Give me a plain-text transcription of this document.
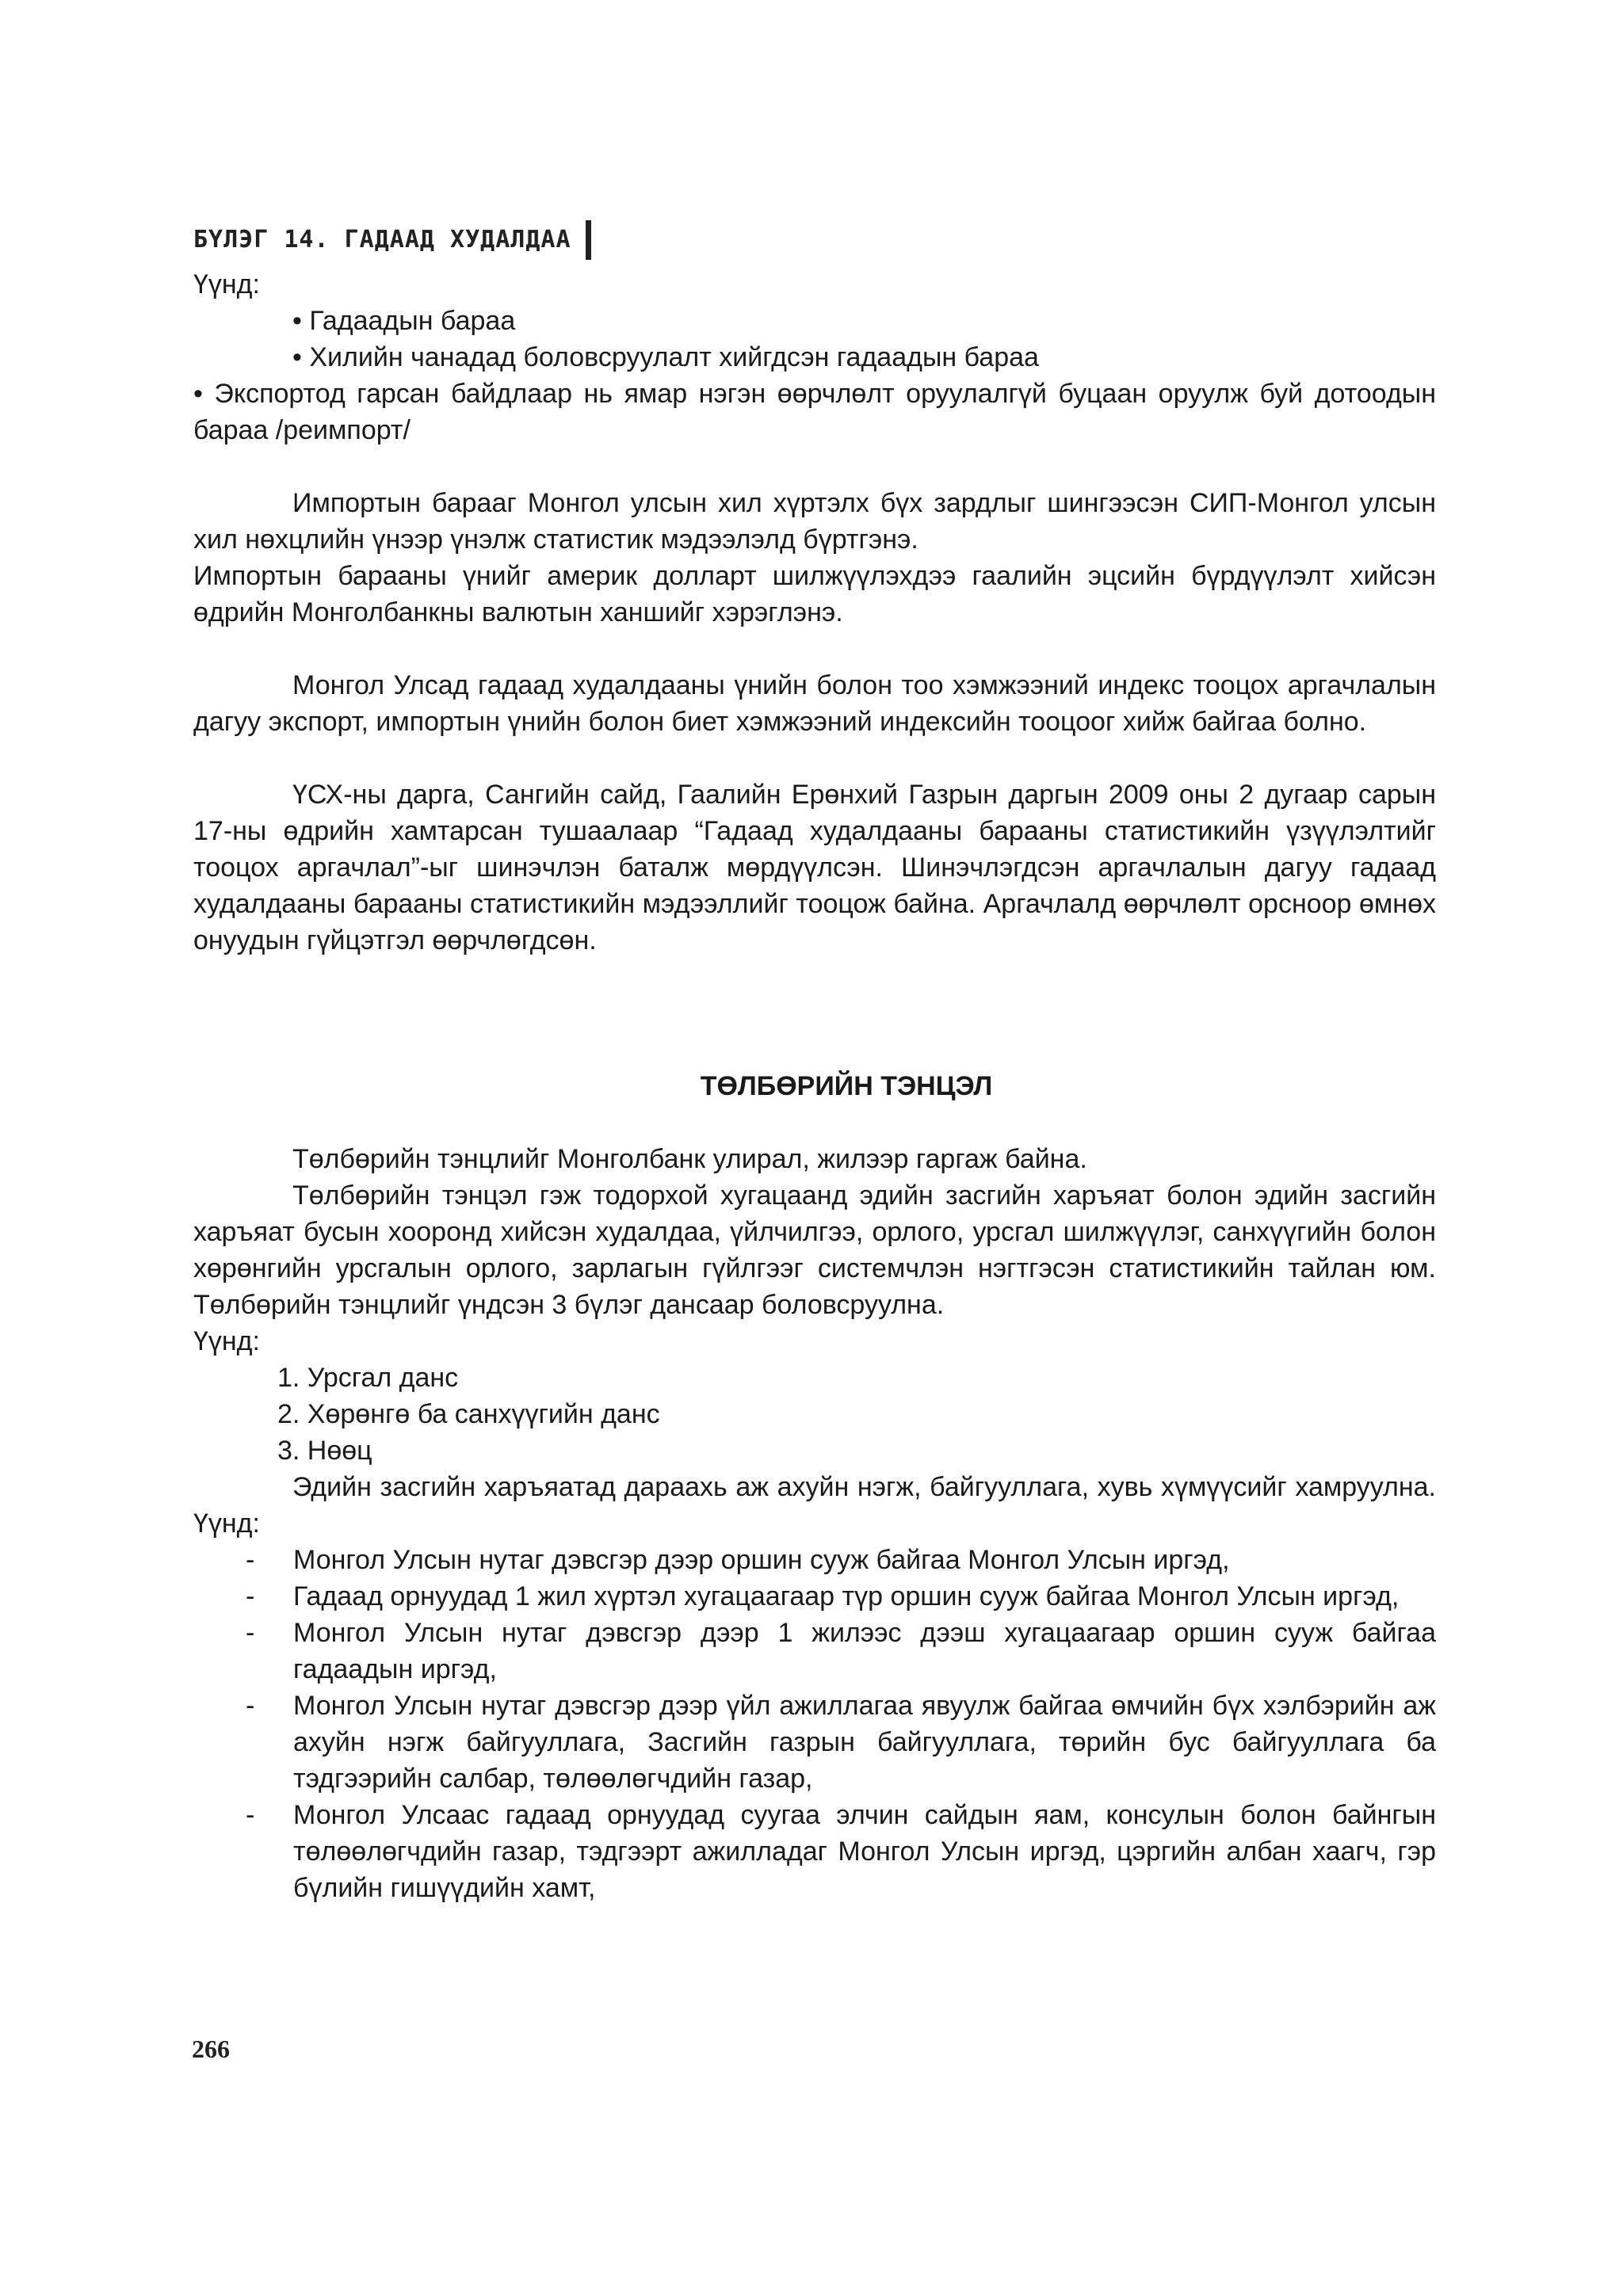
БҮЛЭГ 14. ГАДААД ХУДАЛДАА

Үүнд:

• Гадаадын бараа

• Хилийн чанадад боловсруулалт хийгдсэн гадаадын бараа

• Экспортод гарсан байдлаар нь ямар нэгэн өөрчлөлт оруулалгүй буцаан оруулж буй дотоодын бараа /реимпорт/

Импортын барааг Монгол улсын хил хүртэлх бүх зардлыг шингээсэн СИП-Монгол улсын хил нөхцлийн үнээр үнэлж статистик мэдээлэлд бүртгэнэ.

Импортын барааны үнийг америк долларт шилжүүлэхдээ гаалийн эцсийн бүрдүүлэлт хийсэн өдрийн Монголбанкны валютын ханшийг хэрэглэнэ.

Монгол Улсад гадаад худалдааны үнийн болон тоо хэмжээний индекс тооцох аргачлалын дагуу экспорт, импортын үнийн болон биет хэмжээний индексийн тооцоог хийж байгаа болно.

ҮСХ-ны дарга, Сангийн сайд, Гаалийн Ерөнхий Газрын даргын 2009 оны 2 дугаар сарын 17-ны өдрийн хамтарсан тушаалаар “Гадаад худалдааны барааны статистикийн үзүүлэлтийг тооцох аргачлал”-ыг шинэчлэн баталж мөрдүүлсэн. Шинэчлэгдсэн аргачлалын дагуу гадаад худалдааны барааны статистикийн мэдээллийг тооцож байна. Аргачлалд өөрчлөлт орсноор өмнөх онуудын гүйцэтгэл өөрчлөгдсөн.

ТӨЛБӨРИЙН ТЭНЦЭЛ

Төлбөрийн тэнцлийг Монголбанк улирал, жилээр гаргаж байна.

Төлбөрийн тэнцэл гэж тодорхой хугацаанд эдийн засгийн харъяат болон эдийн засгийн харъяат бусын хооронд хийсэн худалдаа, үйлчилгээ, орлого, урсгал шилжүүлэг, санхүүгийн болон хөрөнгийн урсгалын орлого, зарлагын гүйлгээг системчлэн нэгтгэсэн статистикийн тайлан юм. Төлбөрийн тэнцлийг үндсэн 3 бүлэг дансаар боловсруулна.

Үүнд:

1. Урсгал данс
2. Хөрөнгө ба санхүүгийн данс
3. Нөөц

Эдийн засгийн харъяатад дараахь аж ахуйн нэгж, байгууллага, хувь хүмүүсийг хамруулна. Үүнд:

- Монгол Улсын нутаг дэвсгэр дээр оршин сууж байгаа Монгол Улсын иргэд,
- Гадаад орнуудад 1 жил хүртэл хугацаагаар түр оршин сууж байгаа Монгол Улсын иргэд,
- Монгол Улсын нутаг дэвсгэр дээр 1 жилээс дээш хугацаагаар оршин сууж байгаа гадаадын иргэд,
- Монгол Улсын нутаг дэвсгэр дээр үйл ажиллагаа явуулж байгаа өмчийн бүх хэлбэрийн аж ахуйн нэгж байгууллага, Засгийн газрын байгууллага, төрийн бус байгууллага ба тэдгээрийн салбар, төлөөлөгчдийн газар,
- Монгол Улсаас гадаад орнуудад суугаа элчин сайдын яам, консулын болон байнгын төлөөлөгчдийн газар, тэдгээрт ажилладаг Монгол Улсын иргэд, цэргийн албан хаагч, гэр бүлийн гишүүдийн хамт,
266
